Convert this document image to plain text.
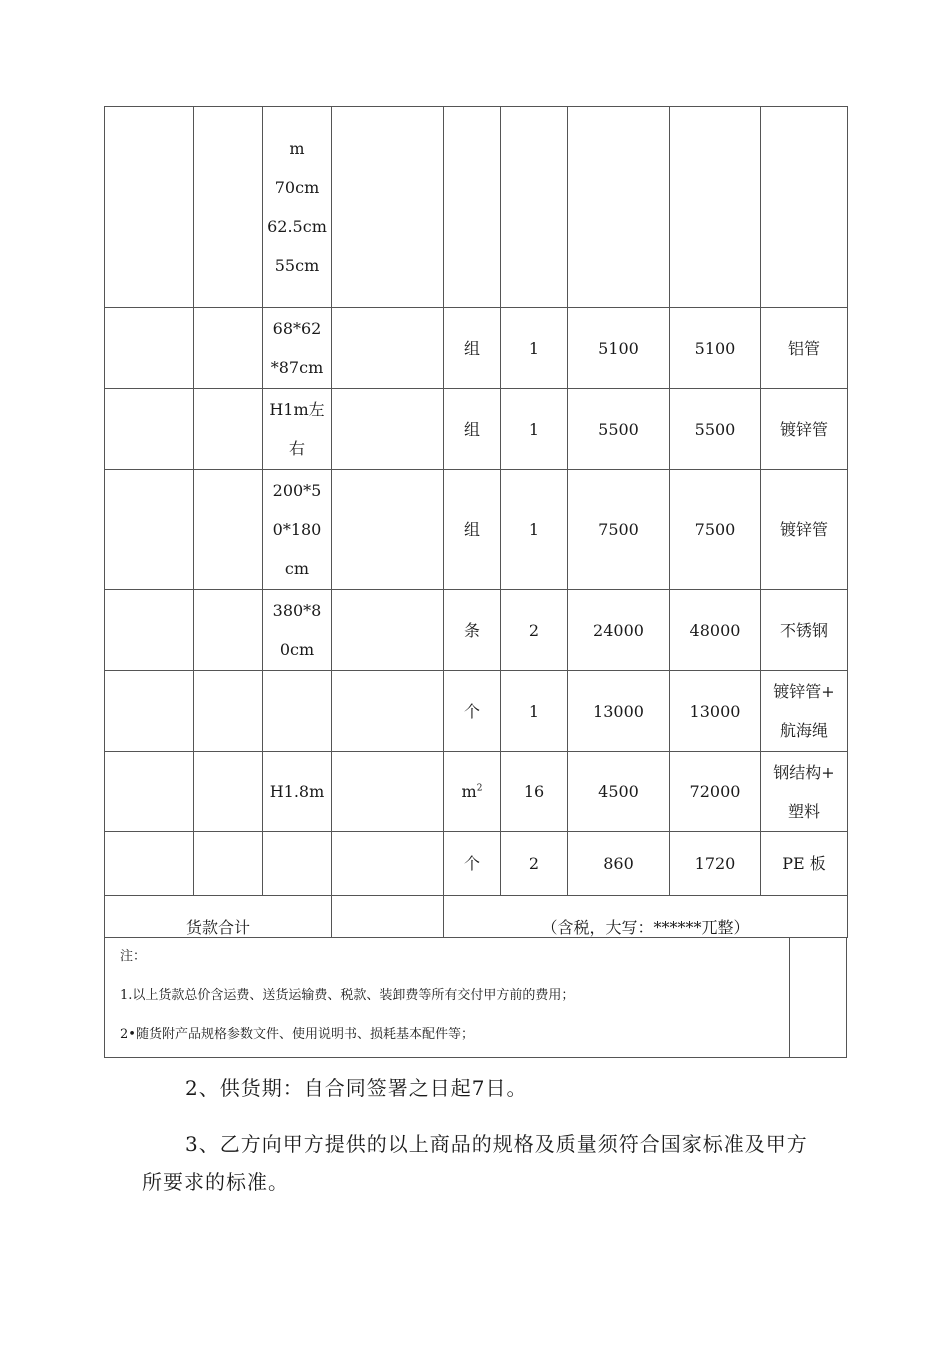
		m
70cm
62.5cm
55cm						
		68*62
*87cm		组	1	5100	5100	铝管
		H1m左
右		组	1	5500	5500	镀锌管
		200*5
0*180
cm		组	1	7500	7500	镀锌管
		380*8
0cm		条	2	24000	48000	不锈钢
				个	1	13000	13000	镀锌管+
航海绳
		H1.8m		$m^2$	16	4500	72000	钢结构+
塑料
				个	2	860	1720	PE 板
货款合计				（含税，大写：******兀整）				
注：
1.以上货款总价含运费、送货运输费、税款、装卸费等所有交付甲方前的费用；
2•随货附产品规格参数文件、使用说明书、损耗基本配件等；
2、供货期：自合同签署之日起7日。
3、乙方向甲方提供的以上商品的规格及质量须符合国家标准及甲方
所要求的标准。
